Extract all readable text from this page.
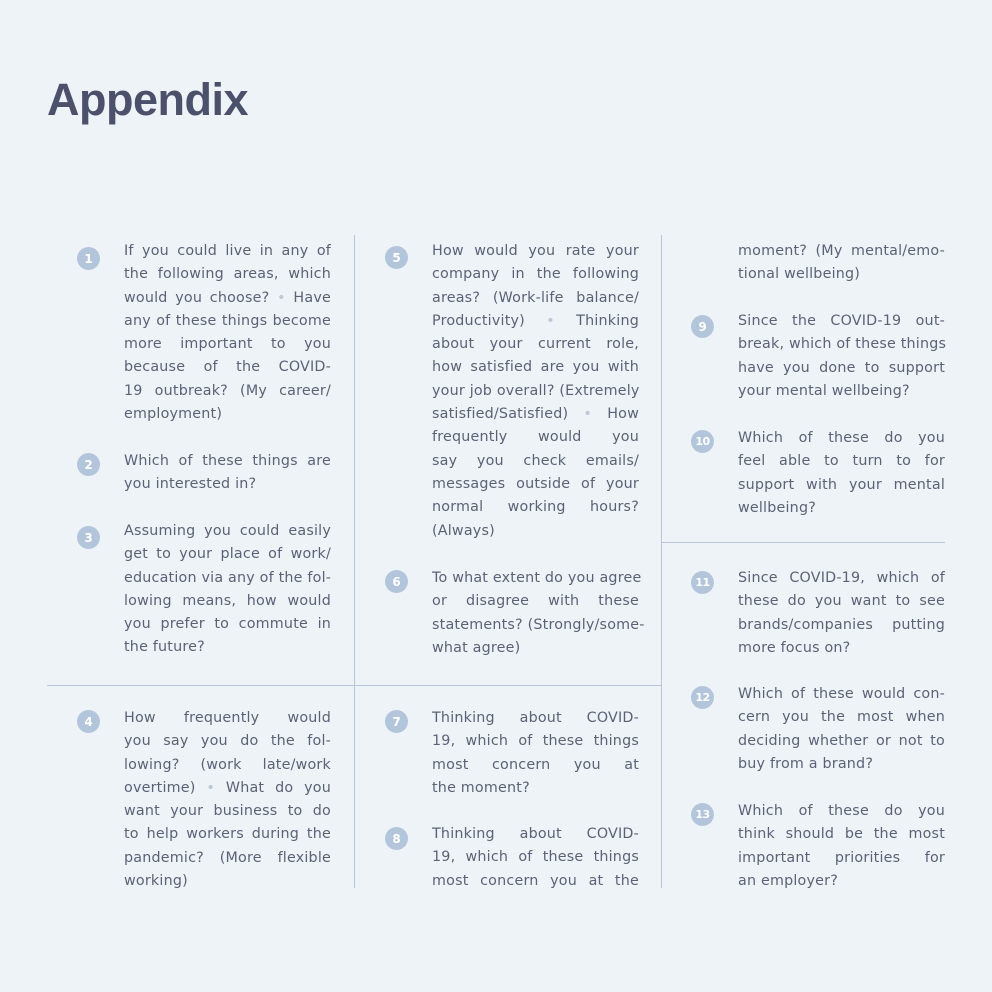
Appendix
1	If you could live in any of
the following areas, which
would you choose? • Have
any of these things become
more important to you
because of the COVID-
19 outbreak? (My career/
employment)
2	Which of these things are
you interested in?
3	Assuming you could easily
get to your place of work/
education via any of the fol-
lowing means, how would
you prefer to commute in
the future?
4	How frequently would
you say you do the fol-
lowing? (work late/work
overtime) • What do you
want your business to do
to help workers during the
pandemic? (More flexible
working)
5	How would you rate your
company in the following
areas? (Work-life balance/
Productivity) • Thinking
about your current role,
how satisfied are you with
your job overall? (Extremely
satisfied/Satisfied) • How
frequently would you
say you check emails/
messages outside of your
normal working hours?
(Always)
6	To what extent do you agree
or disagree with these
statements? (Strongly/some-
what agree)
7	Thinking about COVID-
19, which of these things
most concern you at
the moment?
8	Thinking about COVID-
19, which of these things
most concern you at the
moment? (My mental/emo-
tional wellbeing)
9	Since the COVID-19 out-
break, which of these things
have you done to support
your mental wellbeing?
10	Which of these do you
feel able to turn to for
support with your mental
wellbeing?
11	Since COVID-19, which of
these do you want to see
brands/companies putting
more focus on?
12	Which of these would con-
cern you the most when
deciding whether or not to
buy from a brand?
13	Which of these do you
think should be the most
important priorities for
an employer?
